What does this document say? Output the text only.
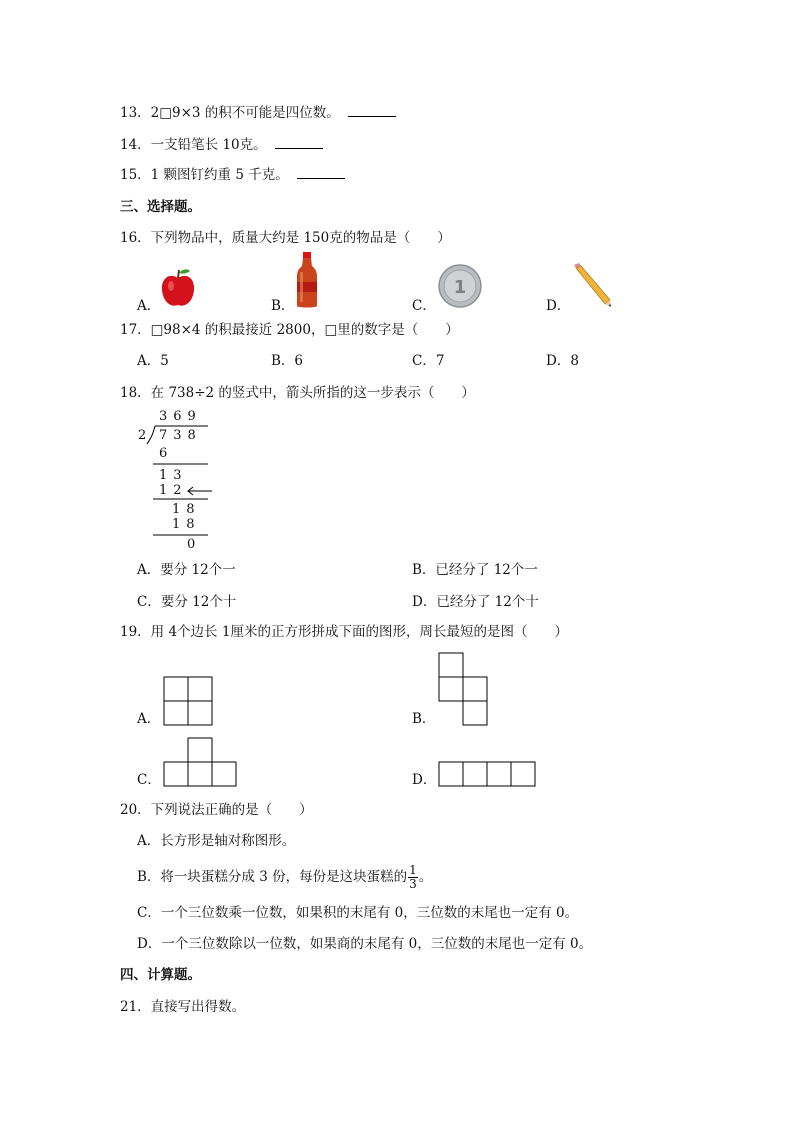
13．2□9×3 的积不可能是四位数。
14．一支铅笔长 10克。
15．1 颗图钉约重 5 千克。
三、选择题。
16．下列物品中，质量大约是 150克的物品是（　　）
A．	B．	C．	D．
1
17．□98×4 的积最接近 2800，□里的数字是（　　）
A．5	B．6	C．7	D．8
18．在 738÷2 的竖式中，箭头所指的这一步表示（　　）
369
2 738
6
13
12
18
18
0
A．要分 12个一	B．已经分了 12个一
C．要分 12个十	D．已经分了 12个十
19．用 4个边长 1厘米的正方形拼成下面的图形，周长最短的是图（　　）
A．	B．
C．	D．
20．下列说法正确的是（　　）
A．长方形是轴对称图形。
B．将一块蛋糕分成 3 份，每份是这块蛋糕的 $\frac{1}{3}$ 。
C．一个三位数乘一位数，如果积的末尾有 0，三位数的末尾也一定有 0。
D．一个三位数除以一位数，如果商的末尾有 0，三位数的末尾也一定有 0。
四、计算题。
21．直接写出得数。
